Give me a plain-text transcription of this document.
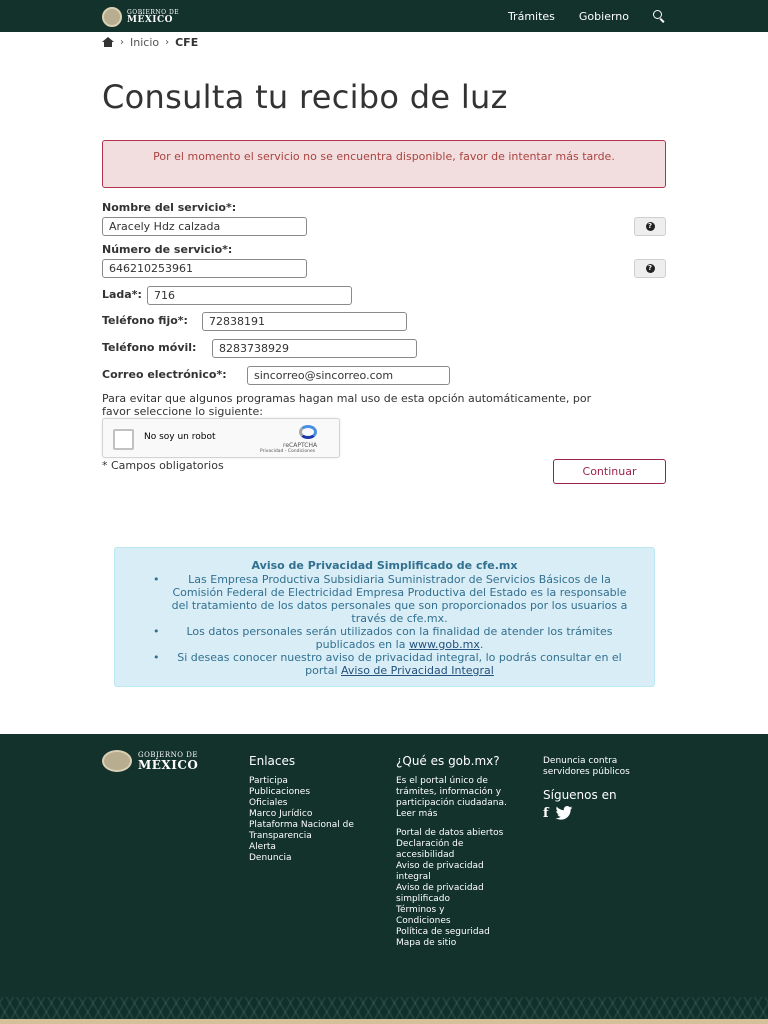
GOBIERNO DE
MÉXICO	Trámites Gobierno
› Inicio › CFE
Consulta tu recibo de luz
Por el momento el servicio no se encuentra disponible, favor de intentar más tarde.
Nombre del servicio*:
Aracely Hdz calzada
?
Número de servicio*:
646210253961
?
Lada*:
716
Teléfono fijo*:
72838191
Teléfono móvil:
8283738929
Correo electrónico*:
sincorreo@sincorreo.com
Para evitar que algunos programas hagan mal uso de esta opción automáticamente, por favor seleccione lo siguiente:
No soy un robot
reCAPTCHA
Privacidad - Condiciones
* Campos obligatorios	Continuar
Aviso de Privacidad Simplificado de cfe.mx
• Las Empresa Productiva Subsidiaria Suministrador de Servicios Básicos de la Comisión Federal de Electricidad Empresa Productiva del Estado es la responsable del tratamiento de los datos personales que son proporcionados por los usuarios a través de cfe.mx.
• Los datos personales serán utilizados con la finalidad de atender los trámites publicados en la www.gob.mx.
• Si deseas conocer nuestro aviso de privacidad integral, lo podrás consultar en el portal Aviso de Privacidad Integral
GOBIERNO DE
MÉXICO	Enlaces
Participa
Publicaciones Oficiales
Marco Jurídico
Plataforma Nacional de Transparencia
Alerta
Denuncia
¿Qué es gob.mx?
Es el portal único de trámites, información y participación ciudadana. Leer más
Portal de datos abiertos
Declaración de accesibilidad
Aviso de privacidad integral
Aviso de privacidad simplificado
Términos y Condiciones
Política de seguridad
Mapa de sitio
Denuncia contra servidores públicos
Síguenos en
f
